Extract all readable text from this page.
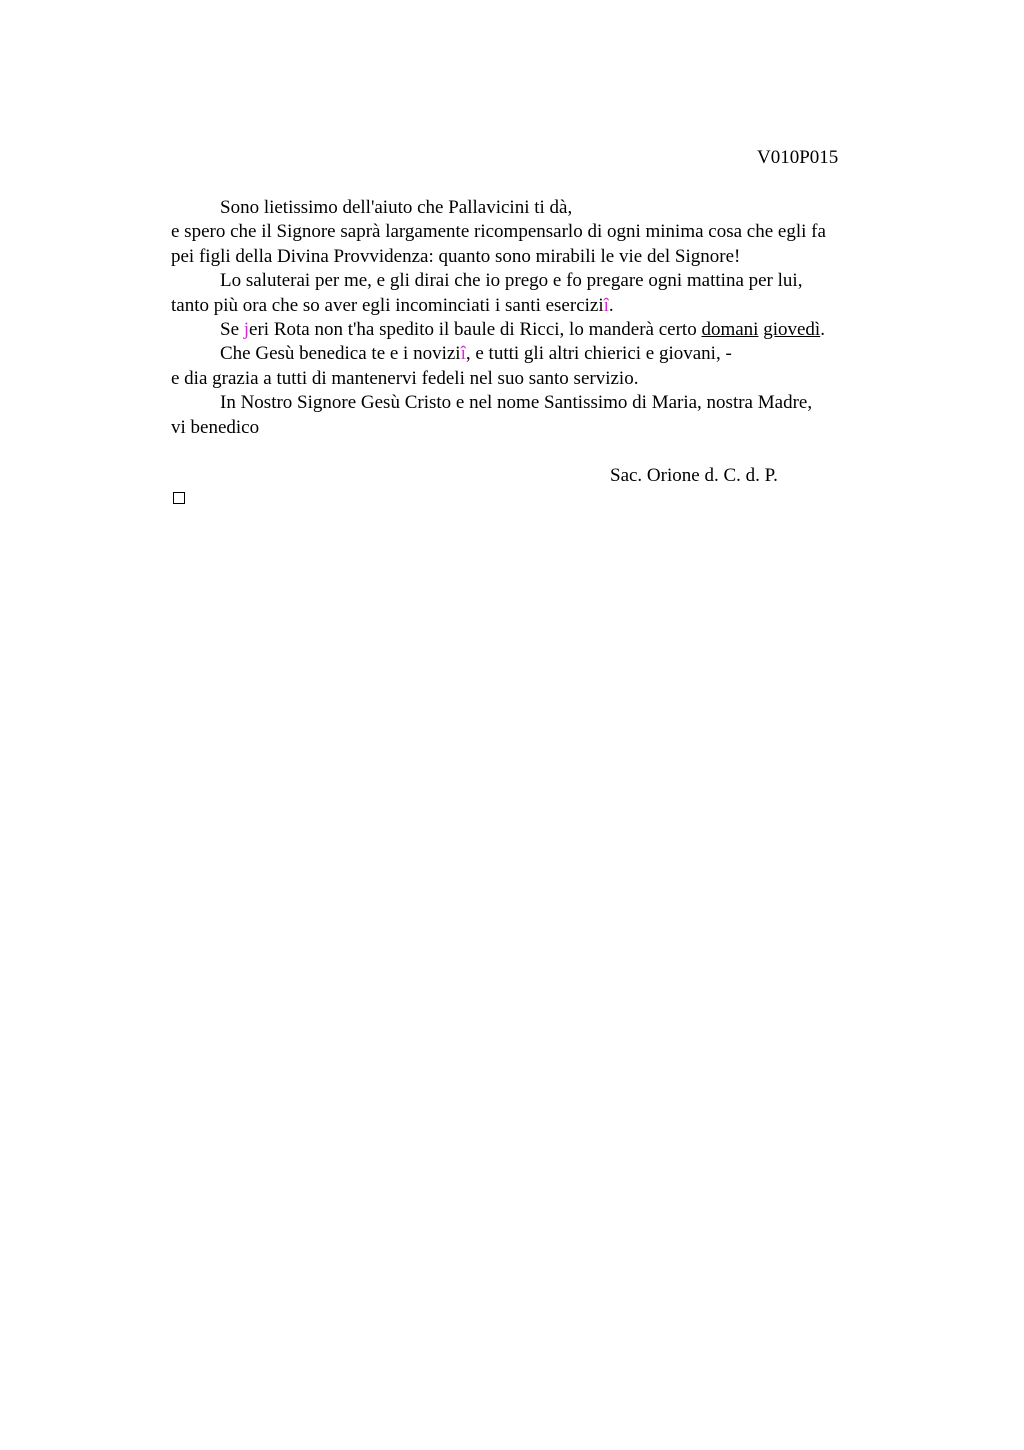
V010P015
Sono lietissimo dell'aiuto che Pallavicini ti dà,
e spero che il Signore saprà largamente ricompensarlo di ogni minima cosa che egli fa
pei figli della Divina Provvidenza: quanto sono mirabili le vie del Signore!
Lo saluterai per me, e gli dirai che io prego e fo pregare ogni mattina per lui,
tanto più ora che so aver egli incominciati i santi eserciziî.
Se jeri Rota non t'ha spedito il baule di Ricci, lo manderà certo domani giovedì.
Che Gesù benedica te e i noviziî, e tutti gli altri chierici e giovani, -
e dia grazia a tutti di mantenervi fedeli nel suo santo servizio.
In Nostro Signore Gesù Cristo e nel nome Santissimo di Maria, nostra Madre,
vi benedico
Sac. Orione d. C. d. P.
